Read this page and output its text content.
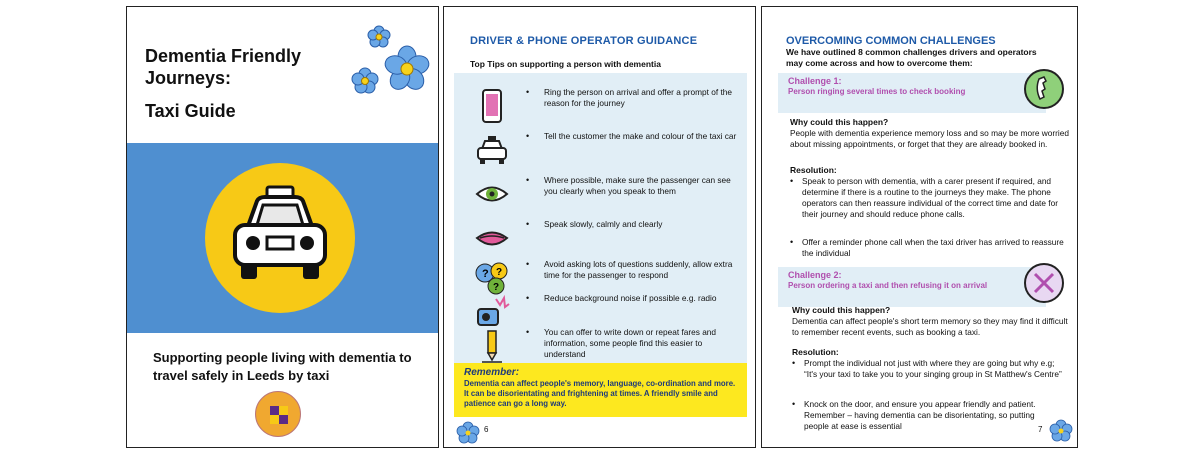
Dementia Friendly
Journeys:
Taxi Guide
Supporting people living with dementia to travel safely in Leeds by taxi
DRIVER & PHONE OPERATOR GUIDANCE
Top Tips on supporting a person with dementia
• Ring the person on arrival and offer a prompt of the reason for the journey
• Tell the customer the make and colour of the taxi car
• Where possible, make sure the passenger can see you clearly when you speak to them
• Speak slowly, calmly and clearly
? ?
?
• Avoid asking lots of questions suddenly, allow extra time for the passenger to respond
• Reduce background noise if possible e.g. radio
• You can offer to write down or repeat fares and information, some people find this easier to understand
Remember:
Dementia can affect people's memory, language, co-ordination and more. It can be disorientating and frightening at times. A friendly smile and patience can go a long way.
6
OVERCOMING COMMON CHALLENGES
We have outlined 8 common challenges drivers and operators may come across and how to overcome them:
Challenge 1:
Person ringing several times to check booking
Why could this happen?
People with dementia experience memory loss and so may be more worried about missing appointments, or forget that they are already booked in.
Resolution:
• Speak to person with dementia, with a carer present if required, and determine if there is a routine to the journeys they make. The phone operators can then reassure individual of the correct time and date for their journey and should reduce phone calls.
• Offer a reminder phone call when the taxi driver has arrived to reassure the individual
Challenge 2:
Person ordering a taxi and then refusing it on arrival
Why could this happen?
Dementia can affect people's short term memory so they may find it difficult to remember recent events, such as booking a taxi.
Resolution:
• Prompt the individual not just with where they are going but why e.g; “It's your taxi to take you to your singing group in St Matthew's Centre”
• Knock on the door, and ensure you appear friendly and patient. Remember – having dementia can be disorientating, so putting people at ease is essential	7
